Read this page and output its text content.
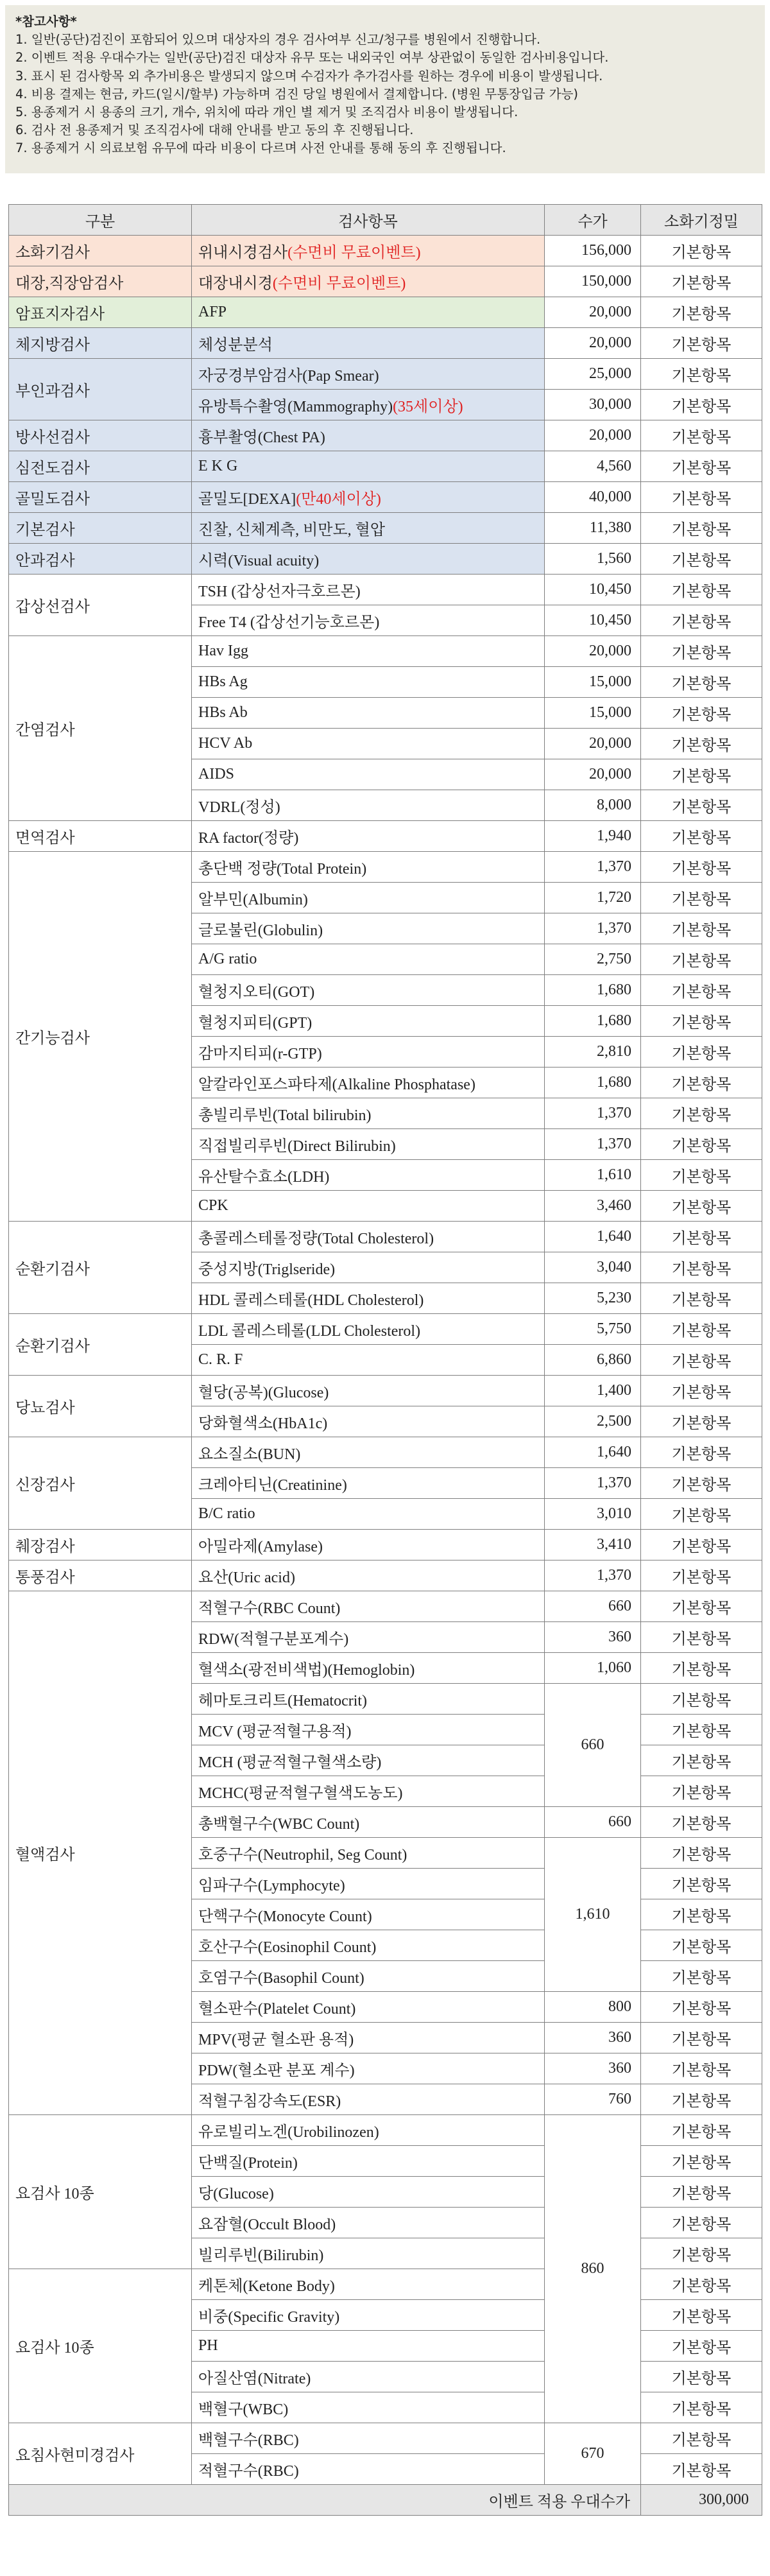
*참고사항*
1. 일반(공단)검진이 포함되어 있으며 대상자의 경우 검사여부 신고/청구를 병원에서 진행합니다.
2. 이벤트 적용 우대수가는 일반(공단)검진 대상자 유무 또는 내외국인 여부 상관없이 동일한 검사비용입니다.
3. 표시 된 검사항목 외 추가비용은 발생되지 않으며 수검자가 추가검사를 원하는 경우에 비용이 발생됩니다.
4. 비용 결제는 현금, 카드(일시/할부) 가능하며 검진 당일 병원에서 결제합니다. (병원 무통장입금 가능)
5. 용종제거 시 용종의 크기, 개수, 위치에 따라 개인 별 제거 및 조직검사 비용이 발생됩니다.
6. 검사 전 용종제거 및 조직검사에 대해 안내를 받고 동의 후 진행됩니다.
7. 용종제거 시 의료보험 유무에 따라 비용이 다르며 사전 안내를 통해 동의 후 진행됩니다.
구분	검사항목	수가	소화기정밀
소화기검사	위내시경검사(수면비 무료이벤트)	156,000	기본항목
대장,직장암검사	대장내시경(수면비 무료이벤트)	150,000	기본항목
암표지자검사	AFP	20,000	기본항목
체지방검사	체성분분석	20,000	기본항목
부인과검사	자궁경부암검사(Pap Smear)	25,000	기본항목
	유방특수촬영(Mammography)(35세이상)	30,000	기본항목
방사선검사	흉부촬영(Chest PA)	20,000	기본항목
심전도검사	E K G	4,560	기본항목
골밀도검사	골밀도[DEXA](만40세이상)	40,000	기본항목
기본검사	진찰, 신체계측, 비만도, 혈압	11,380	기본항목
안과검사	시력(Visual acuity)	1,560	기본항목
갑상선검사	TSH (갑상선자극호르몬)	10,450	기본항목
	Free T4 (갑상선기능호르몬)	10,450	기본항목
간염검사	Hav Igg	20,000	기본항목
	HBs Ag	15,000	기본항목
	HBs Ab	15,000	기본항목
	HCV Ab	20,000	기본항목
	AIDS	20,000	기본항목
	VDRL(정성)	8,000	기본항목
면역검사	RA factor(정량)	1,940	기본항목
간기능검사	총단백 정량(Total Protein)	1,370	기본항목
	알부민(Albumin)	1,720	기본항목
	글로불린(Globulin)	1,370	기본항목
	A/G ratio	2,750	기본항목
	혈청지오티(GOT)	1,680	기본항목
	혈청지피티(GPT)	1,680	기본항목
	감마지티피(r-GTP)	2,810	기본항목
	알칼라인포스파타제(Alkaline Phosphatase)	1,680	기본항목
	총빌리루빈(Total bilirubin)	1,370	기본항목
	직접빌리루빈(Direct Bilirubin)	1,370	기본항목
	유산탈수효소(LDH)	1,610	기본항목
	CPK	3,460	기본항목
순환기검사	총콜레스테롤정량(Total Cholesterol)	1,640	기본항목
	중성지방(Triglseride)	3,040	기본항목
	HDL 콜레스테롤(HDL Cholesterol)	5,230	기본항목
순환기검사	LDL 콜레스테롤(LDL Cholesterol)	5,750	기본항목
	C. R. F	6,860	기본항목
당뇨검사	혈당(공복)(Glucose)	1,400	기본항목
	당화혈색소(HbA1c)	2,500	기본항목
신장검사	요소질소(BUN)	1,640	기본항목
	크레아티닌(Creatinine)	1,370	기본항목
	B/C ratio	3,010	기본항목
췌장검사	아밀라제(Amylase)	3,410	기본항목
통풍검사	요산(Uric acid)	1,370	기본항목
혈액검사	적혈구수(RBC Count)	660	기본항목
	RDW(적혈구분포계수)	360	기본항목
	혈색소(광전비색법)(Hemoglobin)	1,060	기본항목
	헤마토크리트(Hematocrit)	660	기본항목
	MCV (평균적혈구용적)		기본항목
	MCH (평균적혈구혈색소량)		기본항목
	MCHC(평균적혈구혈색도농도)		기본항목
	총백혈구수(WBC Count)	660	기본항목
	호중구수(Neutrophil, Seg Count)	1,610	기본항목
	임파구수(Lymphocyte)		기본항목
	단핵구수(Monocyte Count)		기본항목
	호산구수(Eosinophil Count)		기본항목
	호염구수(Basophil Count)		기본항목
	혈소판수(Platelet Count)	800	기본항목
	MPV(평균 혈소판 용적)	360	기본항목
	PDW(혈소판 분포 계수)	360	기본항목
	적혈구침강속도(ESR)	760	기본항목
요검사 10종	유로빌리노겐(Urobilinozen)	860	기본항목
	단백질(Protein)		기본항목
	당(Glucose)		기본항목
	요잠혈(Occult Blood)		기본항목
	빌리루빈(Bilirubin)		기본항목
요검사 10종	케톤체(Ketone Body)		기본항목
	비중(Specific Gravity)		기본항목
	PH		기본항목
	아질산염(Nitrate)		기본항목
	백혈구(WBC)		기본항목
요침사현미경검사	백혈구수(RBC)	670	기본항목
	적혈구수(RBC)		기본항목
이벤트 적용 우대수가			300,000
